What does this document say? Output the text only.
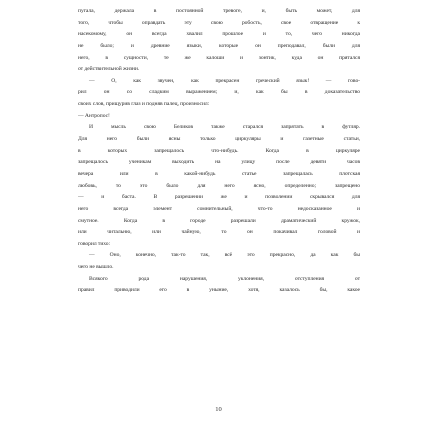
пугала, держала в постоянной тревоге, и, быть может, для
того, чтобы оправдать эту свою робость, свое отвращение к
насекомому, он всегда хвалил прошлое и то, чего никогда
не было; и древние языки, которые он преподавал, были для
него, в сущности, те же калоши и зонтик, куда он прятался
от действительной жизни.
— О, как звучен, как прекрасен греческий язык! — гово-
рил он со сладким выражением; и, как бы в доказательство
своих слов, прищурив глаз и подняв палец, произносил:
— Антропос!
И мысль свою Беликов также старался запрятать в футляр.
Для него были ясны только циркуляры и газетные статьи,
в которых запрещалось что-нибудь. Когда в циркуляре
запрещалось ученикам выходить на улицу после девяти часов
вечера или в какой-нибудь статье запрещалась плотская
любовь, то это было для него ясно, определенно; запрещено
— и баста. В разрешении же и позволении скрывался для
него всегда элемент сомнительный, что-то недосказанное и
смутное. Когда в городе разрешали драматический кружок,
или читальню, или чайную, то он покачивал головой и
говорил тихо:
— Оно, конечно, так-то так, всё это прекрасно, да как бы
чего не вышло.
Всякого рода нарушения, уклонения, отступления от
правил приводили его в уныние, хотя, казалось бы, какое
10
